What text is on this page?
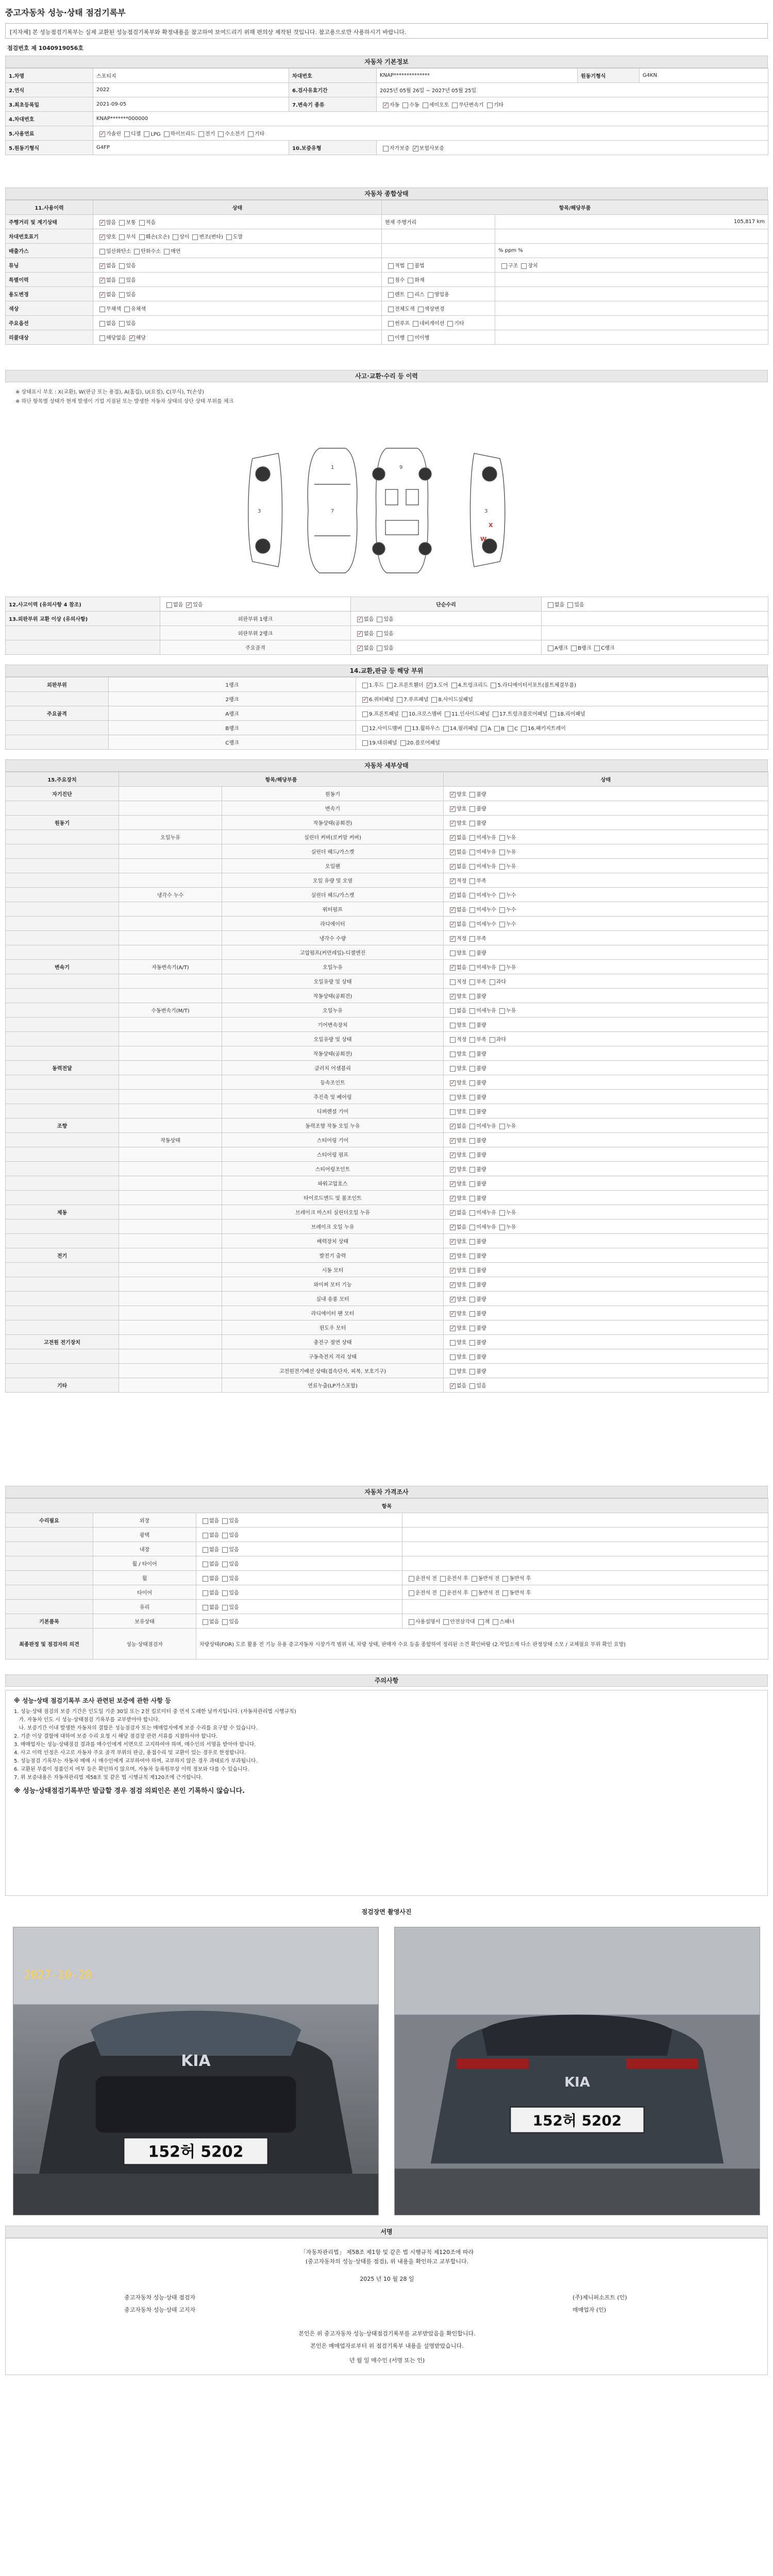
중고자동차 성능·상태 점검기록부
[지자체] 본 성능점검기록부는 실제 교환된 성능점검기록부와 확정내용을 참고하여 보여드리기 위해 편의상 제작된 것입니다. 참고용으로만 사용하시기 바랍니다.
점검번호 제 1040919056호
자동차 기본정보
1.차명	스포티지	차대번호	KNAP**************	원동기형식	G4KN
2.연식	2022	6.검사유효기간	2025년 05월 26일 ~ 2027년 05월 25일		
3.최초등록일	2021-09-05	7.변속기 종류	✓자동 수동 세미오토 무단변속기 기타
4.차대번호	KNAP*******000000				
5.사용연료	✓가솔린 디젤 LPG 하이브리드 전기 수소전기 기타
5.원동기형식	G4FP	10.보증유형	자가보증 ✓ 보험사보증
자동차 종합상태
11.사용이력	상태	항목/해당부품	
주행거리 및 계기상태	✓많음 보통 적음	현재 주행거리	105,817 km
차대번호표기	✓양호 부식 훼손(오손) 상이 변조(변타) 도말		
배출가스	일산화탄소 탄화수소 매연		% ppm %
튜닝	✓없음 있음	적법 불법	구조 장치
특별이력	✓없음 있음	침수 화재	
용도변경	✓없음 있음	렌트 리스 영업용	
색상	무채색 유채색	전체도색 색상변경	
주요옵션	없음 있음	썬루프 네비게이션 기타	
리콜대상	해당없음 ✓ 해당	이행 미이행	
사고·교환·수리 등 이력
※ 상태표시 부호 : X(교환), W(판금 또는 용접), A(흠집), U(요철), C(부식), T(손상)
※ 하단 항목별 상태가 현재 발생이 기업 지점된 또는 발생한 자동차 상태의 상단 상태 부위를 체크
3
1
7
9
3
X
W
12.사고이력 (유의사항 4 참조)	없음 ✓ 있음	단순수리	없음 있음
13.외판부위 교환 이상 (유의사항)	외판부위 1랭크	✓없음 있음	
	외판부위 2랭크	✓없음 있음	
	주요골격	✓없음 있음	A랭크 B랭크 C랭크
14.교환,판금 등 해당 부위
외판부위	1랭크	1.후드 2.프론트휀더 ✓ 3.도어 4.트렁크리드 5.라디에이터서포트(볼트체결부품)
	2랭크	✓6.쿼터패널 7.루프패널 8.사이드실패널
주요골격	A랭크	9.프론트패널 10.크로스멤버 11.인사이드패널 17.트렁크플로어패널 18.리어패널
	B랭크	12.사이드멤버 13.휠하우스 14.필러패널 A B C 16.패키지트레이
	C랭크	19.대쉬패널 20.플로어패널
자동차 세부상태
15.주요장치	항목/해당부품		상태
자기진단		원동기	✓양호 불량
		변속기	✓양호 불량
원동기		작동상태(공회전)	✓양호 불량
	오일누유	실린더 커버(로커암 커버)	✓없음 미세누유 누유
		실린더 헤드/가스켓	✓없음 미세누유 누유
		오일팬	✓없음 미세누유 누유
		오일 유량 및 오염	✓적정 부족
	냉각수 누수	실린더 헤드/가스켓	✓없음 미세누수 누수
		워터펌프	✓없음 미세누수 누수
		라디에이터	✓없음 미세누수 누수
		냉각수 수량	✓적정 부족
		고압펌프(커먼레일)-디젤엔진	양호 불량
변속기	자동변속기(A/T)	오일누유	✓없음 미세누유 누유
		오일유량 및 상태	적정 부족 과다
		작동상태(공회전)	✓양호 불량
	수동변속기(M/T)	오일누유	없음 미세누유 누유
		기어변속장치	양호 불량
		오일유량 및 상태	적정 부족 과다
		작동상태(공회전)	양호 불량
동력전달		클러치 어셈블리	양호 불량
		등속조인트	✓양호 불량
		추진축 및 베어링	양호 불량
		디퍼렌셜 기어	양호 불량
조향		동력조향 작동 오일 누유	✓없음 미세누유 누유
	작동상태	스티어링 기어	✓양호 불량
		스티어링 펌프	✓양호 불량
		스티어링조인트	✓양호 불량
		파워고압호스	✓양호 불량
		타이로드엔드 및 볼조인트	✓양호 불량
제동		브레이크 마스터 실린더오일 누유	✓없음 미세누유 누유
		브레이크 오일 누유	✓없음 미세누유 누유
		배력장치 상태	✓양호 불량
전기		발전기 출력	✓양호 불량
		시동 모터	✓양호 불량
		와이퍼 모터 기능	✓양호 불량
		실내 송풍 모터	✓양호 불량
		라디에이터 팬 모터	✓양호 불량
		윈도우 모터	✓양호 불량
고전원 전기장치		충전구 절연 상태	양호 불량
		구동축전지 격리 상태	양호 불량
		고전원전기배선 상태(접속단자, 피복, 보호기구)	양호 불량
기타		연료누출(LP가스포함)	✓없음 있음
자동차 가격조사
항목			
수리필요	외장	없음 있음	
	광택	없음 있음	
	내장	없음 있음	
	휠 / 타이어	없음 있음	
	휠	없음 있음	운전석 전 운전석 후 동반석 전 동반석 후
	타이어	없음 있음	운전석 전 운전석 후 동반석 전 동반석 후
	유리	없음 있음	
기본품목	보유상태	없음 있음	사용설명서 안전삼각대 잭 스패너
최종판정 및 점검자의 의견	성능·상태점검자	차량상태(FOR) 도로 활용 전 기능 유용 중고자동차 시장가격 범위 내, 차량 상태, 판매자 수요 등을 종합하여 정리된 소견 확인바람 (2.작업소재 다소 판정상태 소모 / 교체필요 부위 확인 요망)	
주의사항
※ 성능·상태 점검기록부 조사 관련된 보증에 관한 사항 등
1. 성능·상태 점검의 보증 기간은 인도일 기준 30일 또는 2천 킬로미터 중 먼저 도래한 날까지입니다. (자동차관리법 시행규칙)
가. 자동차 인도 시 성능·상태점검 기록부를 교부받아야 합니다.
나. 보증기간 이내 발생한 자동차의 결함은 성능점검자 또는 매매업자에게 보증 수리를 요구할 수 있습니다.
2. 기준 이상 결함에 대하여 보증 수리 요청 시 해당 점검장 관련 서류를 지참하셔야 합니다.
3. 매매업자는 성능·상태점검 결과를 매수인에게 서면으로 고지하여야 하며, 매수인의 서명을 받아야 합니다.
4. 사고 이력 인정은 사고로 자동차 주요 골격 부위의 판금, 용접수리 및 교환이 있는 경우로 한정합니다.
5. 성능점검 기록부는 자동차 매매 시 매수인에게 교부하여야 하며, 교부하지 않은 경우 과태료가 부과됩니다.
6. 교환된 부품이 정품인지 여부 등은 확인하지 않으며, 자동차 등록원부상 이력 정보와 다를 수 있습니다.
7. 위 보증내용은 자동차관리법 제58조 및 같은 법 시행규칙 제120조에 근거합니다.
※ 성능·상태점검기록부만 발급할 경우 점검 의뢰인은 본인 기록하시 않습니다.
점검장면 촬영사진
KIA
152허 5202
2027-10-28
KIA
152허 5202
서명
「자동차관리법」 제58조 제1항 및 같은 법 시행규칙 제120조에 따라
(중고자동차의 성능·상태를 점검), 위 내용을 확인하고 교부합니다.
2025 년 10 월 28 일
중고자동차 성능·상태 점검자	(주)제니퍼소프트 (인)
중고자동차 성능·상태 고지자	매매업자 (인)
본인은 위 중고자동차 성능·상태점검기록부를 교부받았음을 확인합니다.
본인은 매매업자로부터 위 점검기록부 내용을 설명받았습니다.
년 월 일 매수인 (서명 또는 인)
